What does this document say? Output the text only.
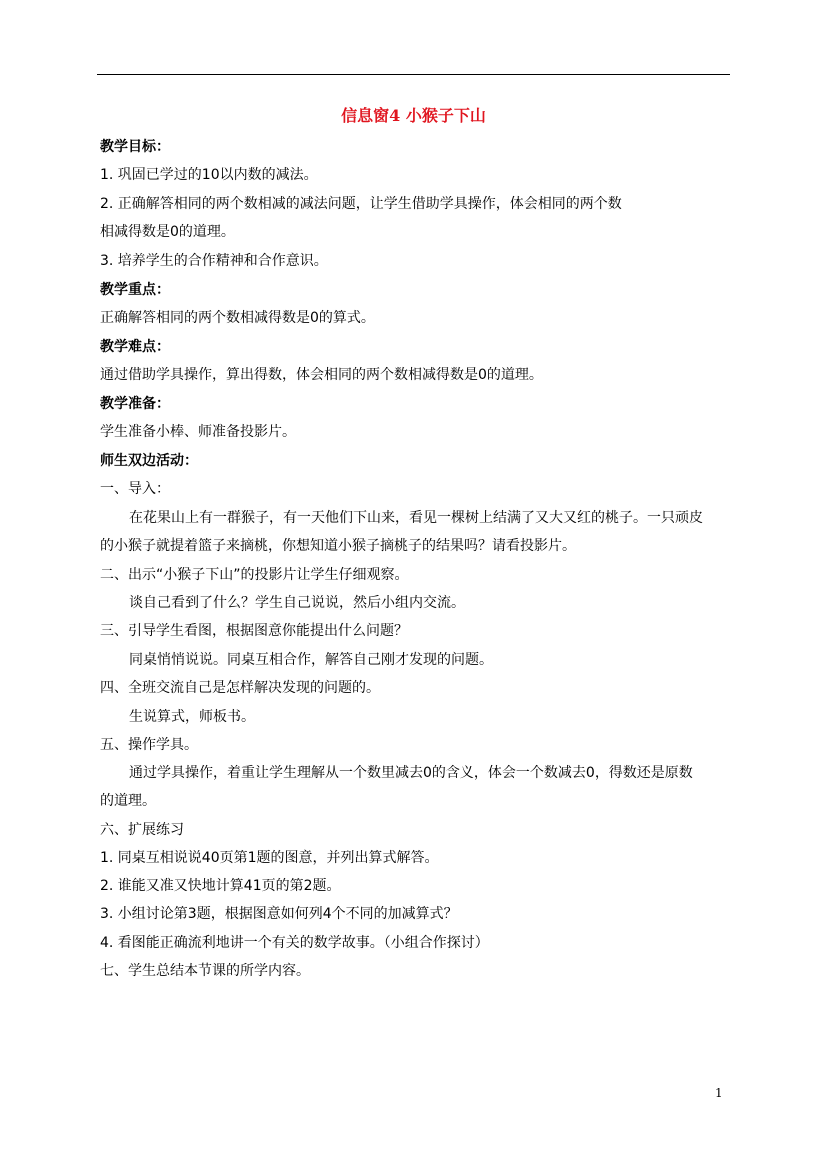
信息窗4 小猴子下山
教学目标：
1. 巩固已学过的10以内数的减法。
2. 正确解答相同的两个数相减的减法问题，让学生借助学具操作，体会相同的两个数
相减得数是0的道理。
3. 培养学生的合作精神和合作意识。
教学重点：
正确解答相同的两个数相减得数是0的算式。
教学难点：
通过借助学具操作，算出得数，体会相同的两个数相减得数是0的道理。
教学准备：
学生准备小棒、师准备投影片。
师生双边活动：
一、导入：
在花果山上有一群猴子，有一天他们下山来，看见一棵树上结满了又大又红的桃子。一只顽皮
的小猴子就提着篮子来摘桃，你想知道小猴子摘桃子的结果吗？请看投影片。
二、出示“小猴子下山”的投影片让学生仔细观察。
谈自己看到了什么？学生自己说说，然后小组内交流。
三、引导学生看图，根据图意你能提出什么问题？
同桌悄悄说说。同桌互相合作，解答自己刚才发现的问题。
四、全班交流自己是怎样解决发现的问题的。
生说算式，师板书。
五、操作学具。
通过学具操作，着重让学生理解从一个数里减去0的含义，体会一个数减去0，得数还是原数
的道理。
六、扩展练习
1. 同桌互相说说40页第1题的图意，并列出算式解答。
2. 谁能又准又快地计算41页的第2题。
3. 小组讨论第3题，根据图意如何列4个不同的加减算式？
4. 看图能正确流利地讲一个有关的数学故事。（小组合作探讨）
七、学生总结本节课的所学内容。
1
